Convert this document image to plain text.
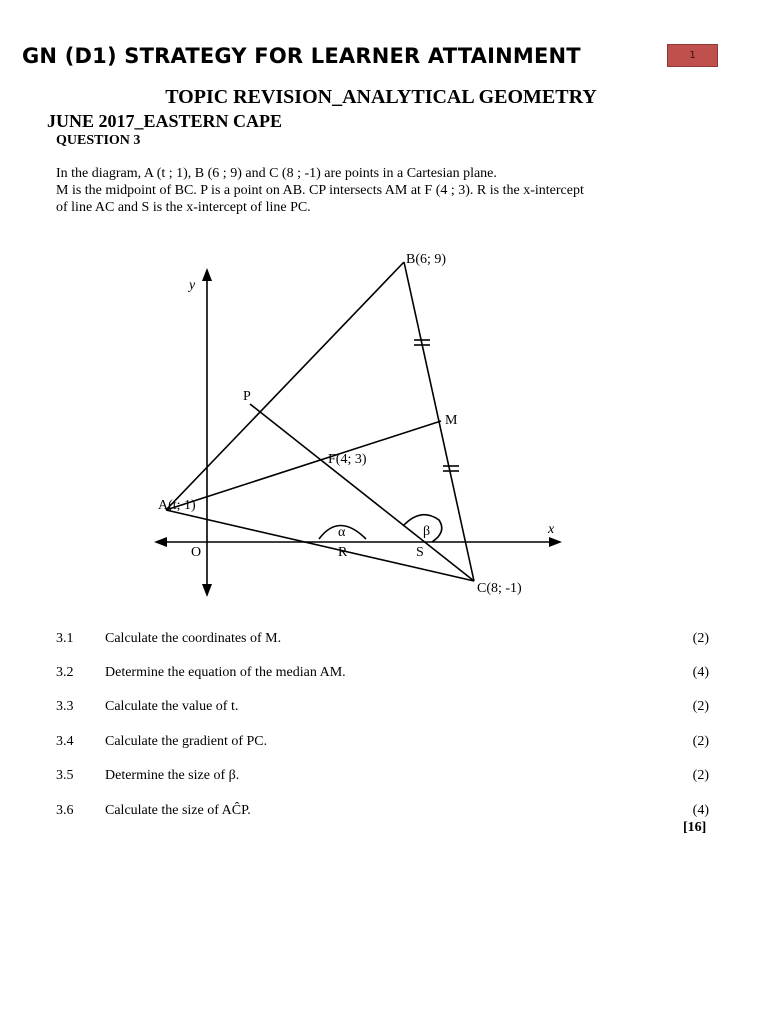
GN (D1) STRATEGY FOR LEARNER ATTAINMENT	1
TOPIC REVISION_ANALYTICAL GEOMETRY
JUNE 2017_EASTERN CAPE
QUESTION 3
In the diagram, A (t ; 1), B (6 ; 9) and C (8 ; -1) are points in a Cartesian plane.
M is the midpoint of BC. P is a point on AB. CP intersects AM at F (4 ; 3). R is the x-intercept
of line AC and S is the x-intercept of line PC.
B(6; 9)
y
P
M
F(4; 3)
A(t; 1)
x
O	R	S
α	β
C(8; -1)
3.1 Calculate the coordinates of M.	(2)
3.2 Determine the equation of the median AM.	(4)
3.3 Calculate the value of t.	(2)
3.4 Calculate the gradient of PC.	(2)
3.5 Determine the size of β.	(2)
3.6 Calculate the size of AĈP.	(4)
[16]
